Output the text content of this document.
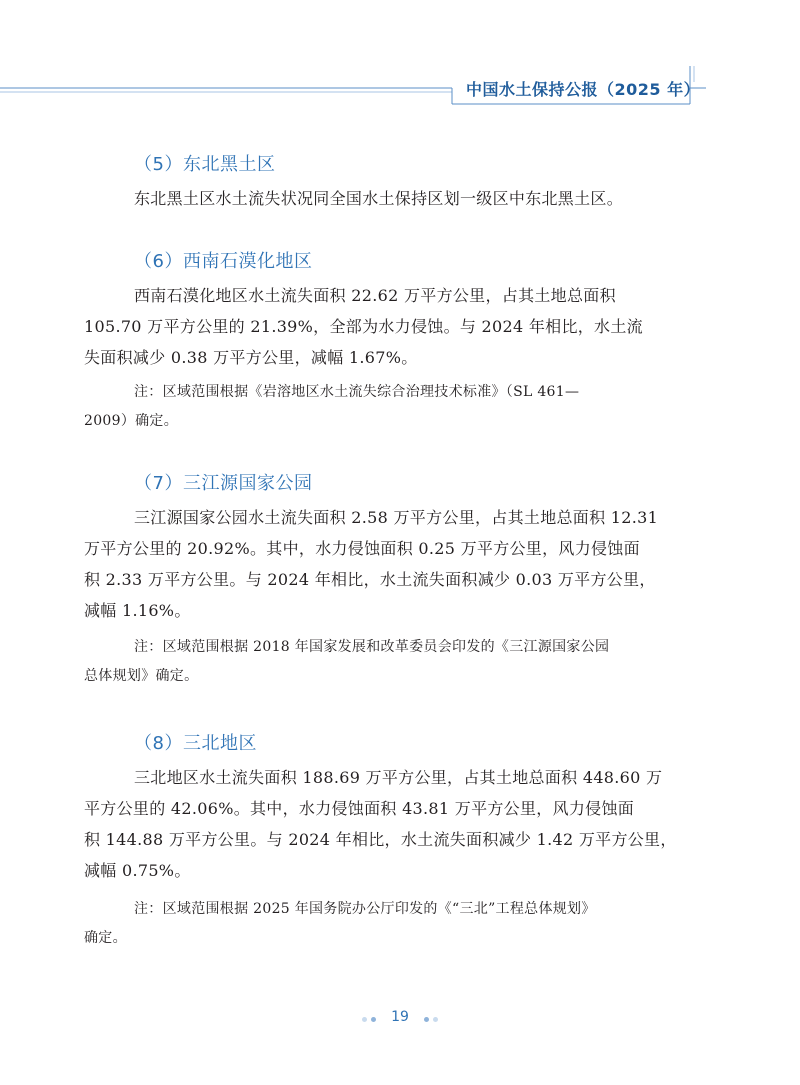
中国水土保持公报（2025 年）
（5）东北黑土区
东北黑土区水土流失状况同全国水土保持区划一级区中东北黑土区。
（6）西南石漠化地区
西南石漠化地区水土流失面积 22.62 万平方公里，占其土地总面积
105.70 万平方公里的 21.39%，全部为水力侵蚀。与 2024 年相比，水土流
失面积减少 0.38 万平方公里，减幅 1.67%。
注：区域范围根据《岩溶地区水土流失综合治理技术标准》（SL 461—
2009）确定。
（7）三江源国家公园
三江源国家公园水土流失面积 2.58 万平方公里，占其土地总面积 12.31
万平方公里的 20.92%。其中，水力侵蚀面积 0.25 万平方公里，风力侵蚀面
积 2.33 万平方公里。与 2024 年相比，水土流失面积减少 0.03 万平方公里，
减幅 1.16%。
注：区域范围根据 2018 年国家发展和改革委员会印发的《三江源国家公园
总体规划》确定。
（8）三北地区
三北地区水土流失面积 188.69 万平方公里，占其土地总面积 448.60 万
平方公里的 42.06%。其中，水力侵蚀面积 43.81 万平方公里，风力侵蚀面
积 144.88 万平方公里。与 2024 年相比，水土流失面积减少 1.42 万平方公里，
减幅 0.75%。
注：区域范围根据 2025 年国务院办公厅印发的《“三北”工程总体规划》
确定。
19
